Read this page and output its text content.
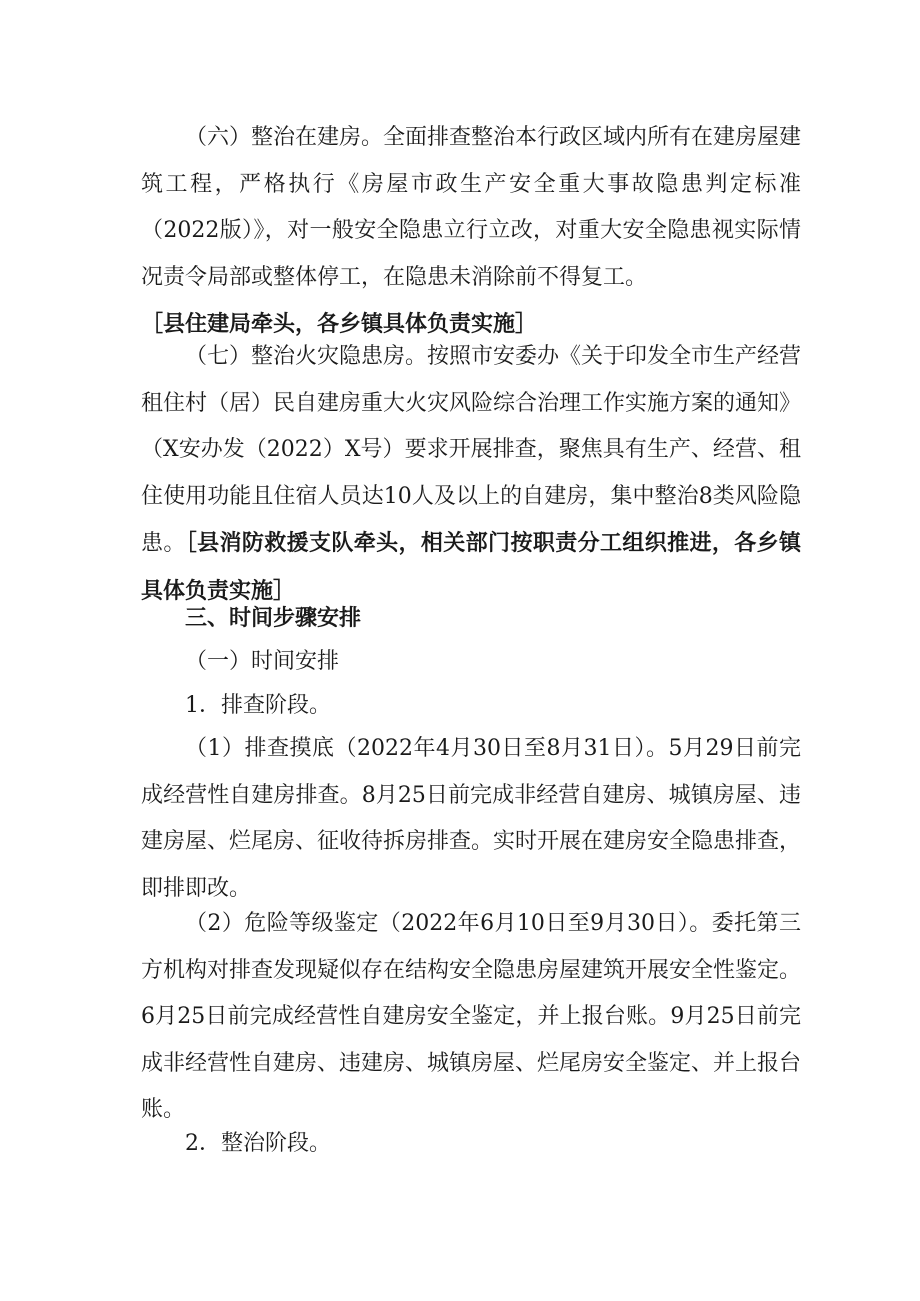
（六）整治在建房。全面排查整治本行政区域内所有在建房屋建筑工程，严格执行《房屋市政生产安全重大事故隐患判定标准（2022版）》，对一般安全隐患立行立改，对重大安全隐患视实际情况责令局部或整体停工，在隐患未消除前不得复工。
［县住建局牵头，各乡镇具体负责实施］

（七）整治火灾隐患房。按照市安委办《关于印发全市生产经营租住村（居）民自建房重大火灾风险综合治理工作实施方案的通知》（X安办发（2022）X号）要求开展排查，聚焦具有生产、经营、租住使用功能且住宿人员达10人及以上的自建房，集中整治8类风险隐患。［县消防救援支队牵头，相关部门按职责分工组织推进，各乡镇具体负责实施］

三、时间步骤安排

（一）时间安排

1．排查阶段。

（1）排查摸底（2022年4月30日至8月31日）。5月29日前完成经营性自建房排查。8月25日前完成非经营自建房、城镇房屋、违建房屋、烂尾房、征收待拆房排查。实时开展在建房安全隐患排查，即排即改。

（2）危险等级鉴定（2022年6月10日至9月30日）。委托第三方机构对排查发现疑似存在结构安全隐患房屋建筑开展安全性鉴定。6月25日前完成经营性自建房安全鉴定，并上报台账。9月25日前完成非经营性自建房、违建房、城镇房屋、烂尾房安全鉴定、并上报台账。

2．整治阶段。
